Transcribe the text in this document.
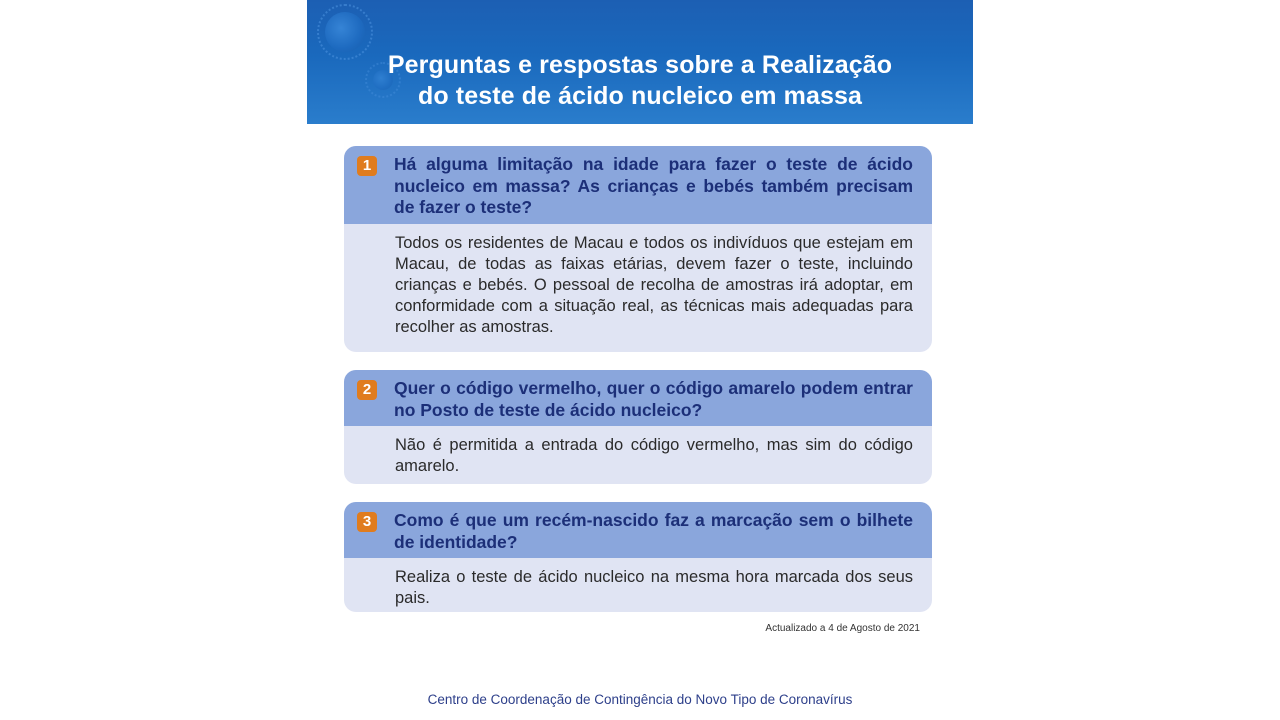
Perguntas e respostas sobre a Realização
do teste de ácido nucleico em massa
1	Há alguma limitação na idade para fazer o teste de ácido nucleico em massa? As crianças e bebés também precisam de fazer o teste?
Todos os residentes de Macau e todos os indivíduos que estejam em Macau, de todas as faixas etárias, devem fazer o teste, incluindo crianças e bebés. O pessoal de recolha de amostras irá adoptar, em conformidade com a situação real, as técnicas mais adequadas para recolher as amostras.
2	Quer o código vermelho, quer o código amarelo podem entrar no Posto de teste de ácido nucleico?
Não é permitida a entrada do código vermelho, mas sim do código amarelo.
3	Como é que um recém-nascido faz a marcação sem o bilhete de identidade?
Realiza o teste de ácido nucleico na mesma hora marcada dos seus pais.
Actualizado a 4 de Agosto de 2021
Centro de Coordenação de Contingência do Novo Tipo de Coronavírus
